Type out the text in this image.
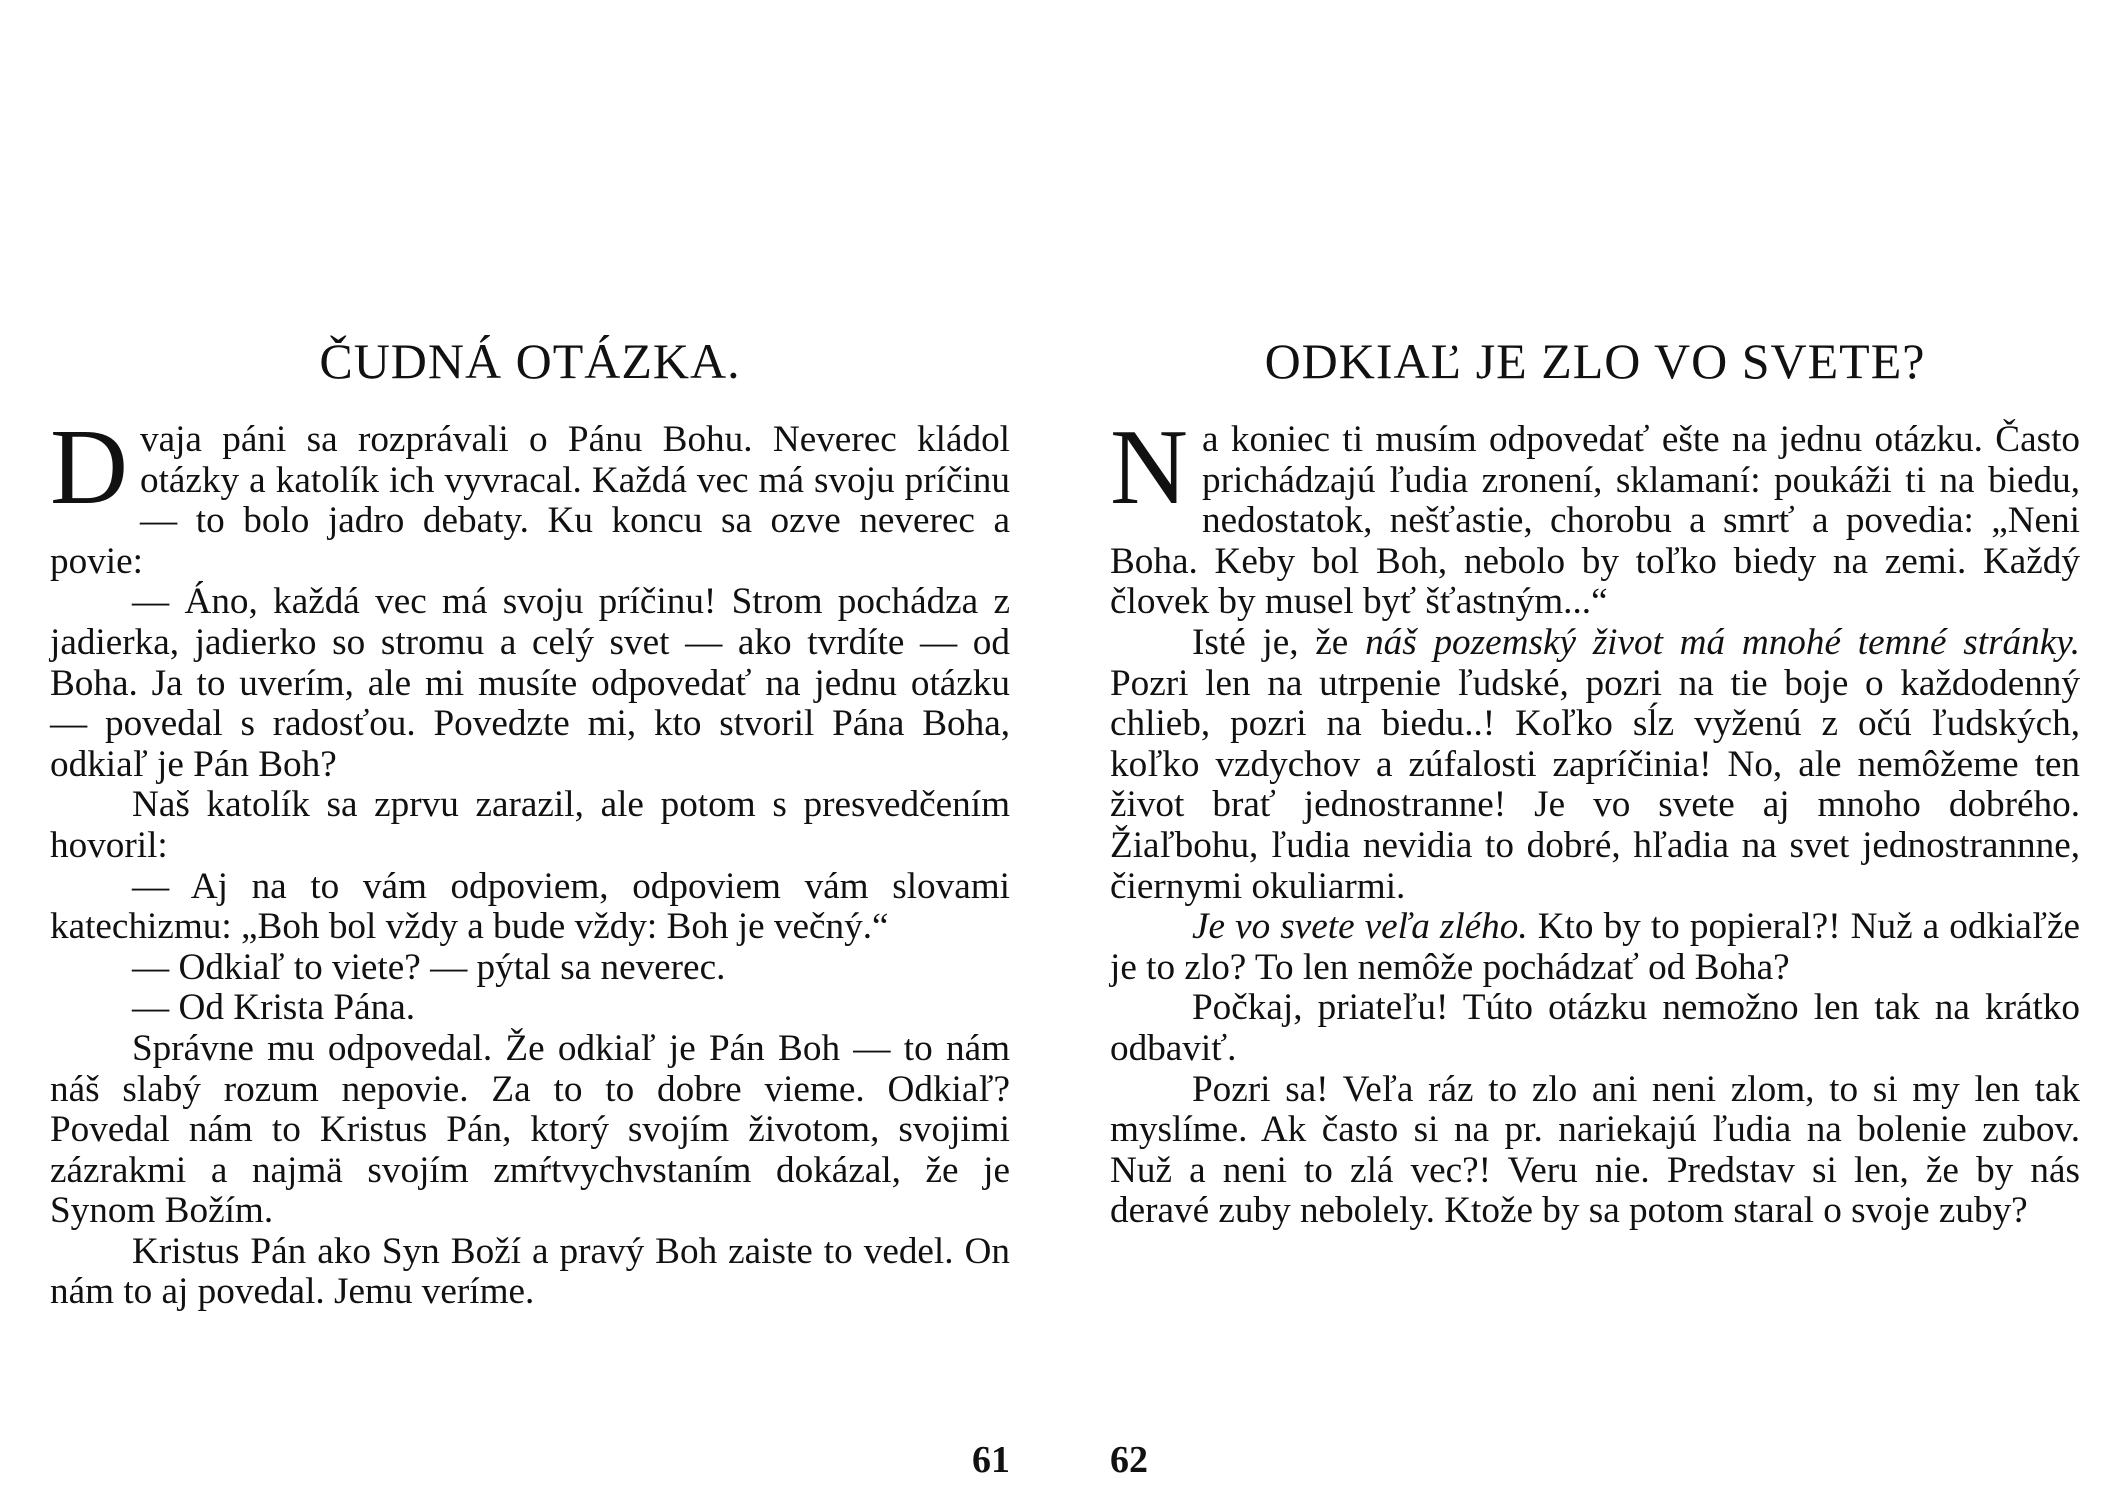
ČUDNÁ OTÁZKA.

Dvaja páni sa rozprávali o Pánu Bohu. Neverec kládol otázky a katolík ich vyvracal. Každá vec má svoju príčinu — to bolo jadro debaty. Ku koncu sa ozve neverec a povie:

— Áno, každá vec má svoju príčinu! Strom pochádza z jadierka, jadierko so stromu a celý svet — ako tvrdíte — od Boha. Ja to uverím, ale mi musíte odpovedať na jednu otázku — povedal s radosťou. Povedzte mi, kto stvoril Pána Boha, odkiaľ je Pán Boh?

Naš katolík sa zprvu zarazil, ale potom s presvedčením hovoril:

— Aj na to vám odpoviem, odpoviem vám slovami katechizmu: „Boh bol vždy a bude vždy: Boh je večný.“

— Odkiaľ to viete? — pýtal sa neverec.

— Od Krista Pána.

Správne mu odpovedal. Že odkiaľ je Pán Boh — to nám náš slabý rozum nepovie. Za to to dobre vieme. Odkiaľ? Povedal nám to Kristus Pán, ktorý svojím životom, svojimi zázrakmi a najmä svojím zmŕtvychvstaním dokázal, že je Synom Božím.

Kristus Pán ako Syn Boží a pravý Boh zaiste to vedel. On nám to aj povedal. Jemu veríme.

61

ODKIAĽ JE ZLO VO SVETE?

Na koniec ti musím odpovedať ešte na jednu otázku. Často prichádzajú ľudia zronení, sklamaní: poukáži ti na biedu, nedostatok, nešťastie, chorobu a smrť a povedia: „Neni Boha. Keby bol Boh, nebolo by toľko biedy na zemi. Každý človek by musel byť šťastným...“

Isté je, že náš pozemský život má mnohé temné stránky. Pozri len na utrpenie ľudské, pozri na tie boje o každodenný chlieb, pozri na biedu..! Koľko sĺz vyženú z očú ľudských, koľko vzdychov a zúfalosti zapríčinia! No, ale nemôžeme ten život brať jednostranne! Je vo svete aj mnoho dobrého. Žiaľbohu, ľudia nevidia to dobré, hľadia na svet jednostrannne, čiernymi okuliarmi.

Je vo svete veľa zlého. Kto by to popieral?! Nuž a odkiaľže je to zlo? To len nemôže pochádzať od Boha?

Počkaj, priateľu! Túto otázku nemožno len tak na krátko odbaviť.

Pozri sa! Veľa ráz to zlo ani neni zlom, to si my len tak myslíme. Ak často si na pr. nariekajú ľudia na bolenie zubov. Nuž a neni to zlá vec?! Veru nie. Predstav si len, že by nás deravé zuby nebolely. Ktože by sa potom staral o svoje zuby?

62
